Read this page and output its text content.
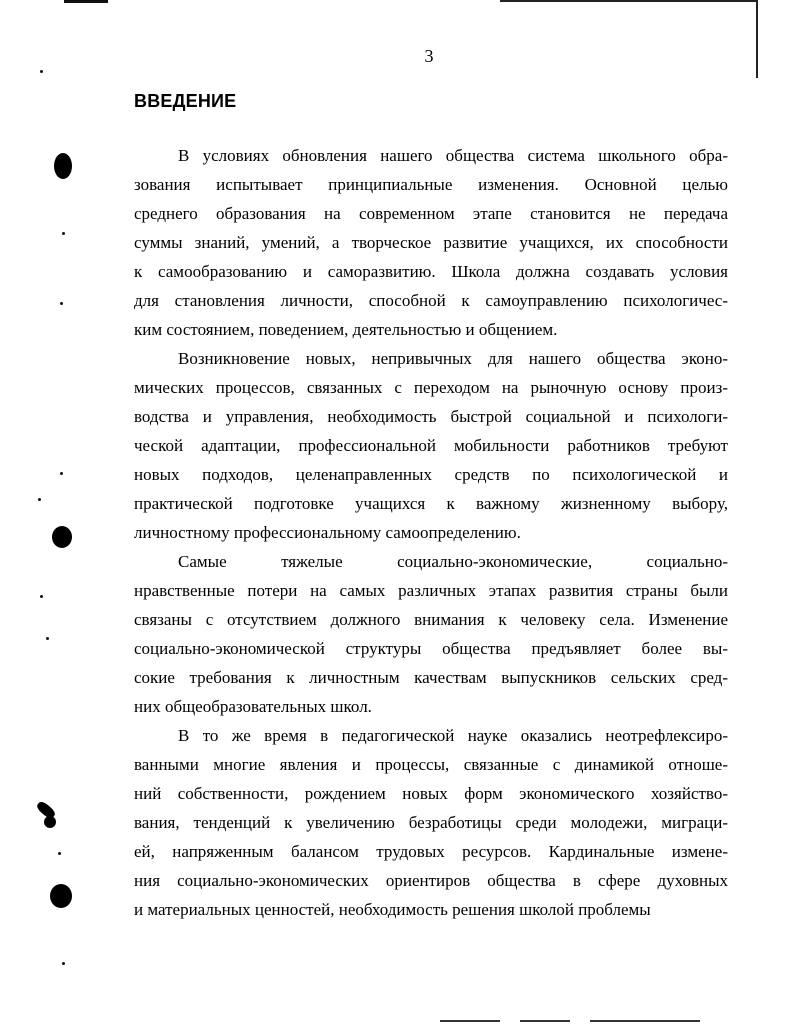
3
ВВЕДЕНИЕ

В условиях обновления нашего общества система школьного обра-
зования испытывает принципиальные изменения. Основной целью
среднего образования на современном этапе становится не передача
суммы знаний, умений, а творческое развитие учащихся, их способности
к самообразованию и саморазвитию. Школа должна создавать условия
для становления личности, способной к самоуправлению психологичес-
ким состоянием, поведением, деятельностью и общением.

Возникновение новых, непривычных для нашего общества эконо-
мических процессов, связанных с переходом на рыночную основу произ-
водства и управления, необходимость быстрой социальной и психологи-
ческой адаптации, профессиональной мобильности работников требуют
новых подходов, целенаправленных средств по психологической и
практической подготовке учащихся к важному жизненному выбору,
личностному профессиональному самоопределению.

Самые тяжелые социально-экономические, социально-
нравственные потери на самых различных этапах развития страны были
связаны с отсутствием должного внимания к человеку села. Изменение
социально-экономической структуры общества предъявляет более вы-
сокие требования к личностным качествам выпускников сельских сред-
них общеобразовательных школ.

В то же время в педагогической науке оказались неотрефлексиро-
ванными многие явления и процессы, связанные с динамикой отноше-
ний собственности, рождением новых форм экономического хозяйство-
вания, тенденций к увеличению безработицы среди молодежи, миграци-
ей, напряженным балансом трудовых ресурсов. Кардинальные измене-
ния социально-экономических ориентиров общества в сфере духовных
и материальных ценностей, необходимость решения школой проблемы
